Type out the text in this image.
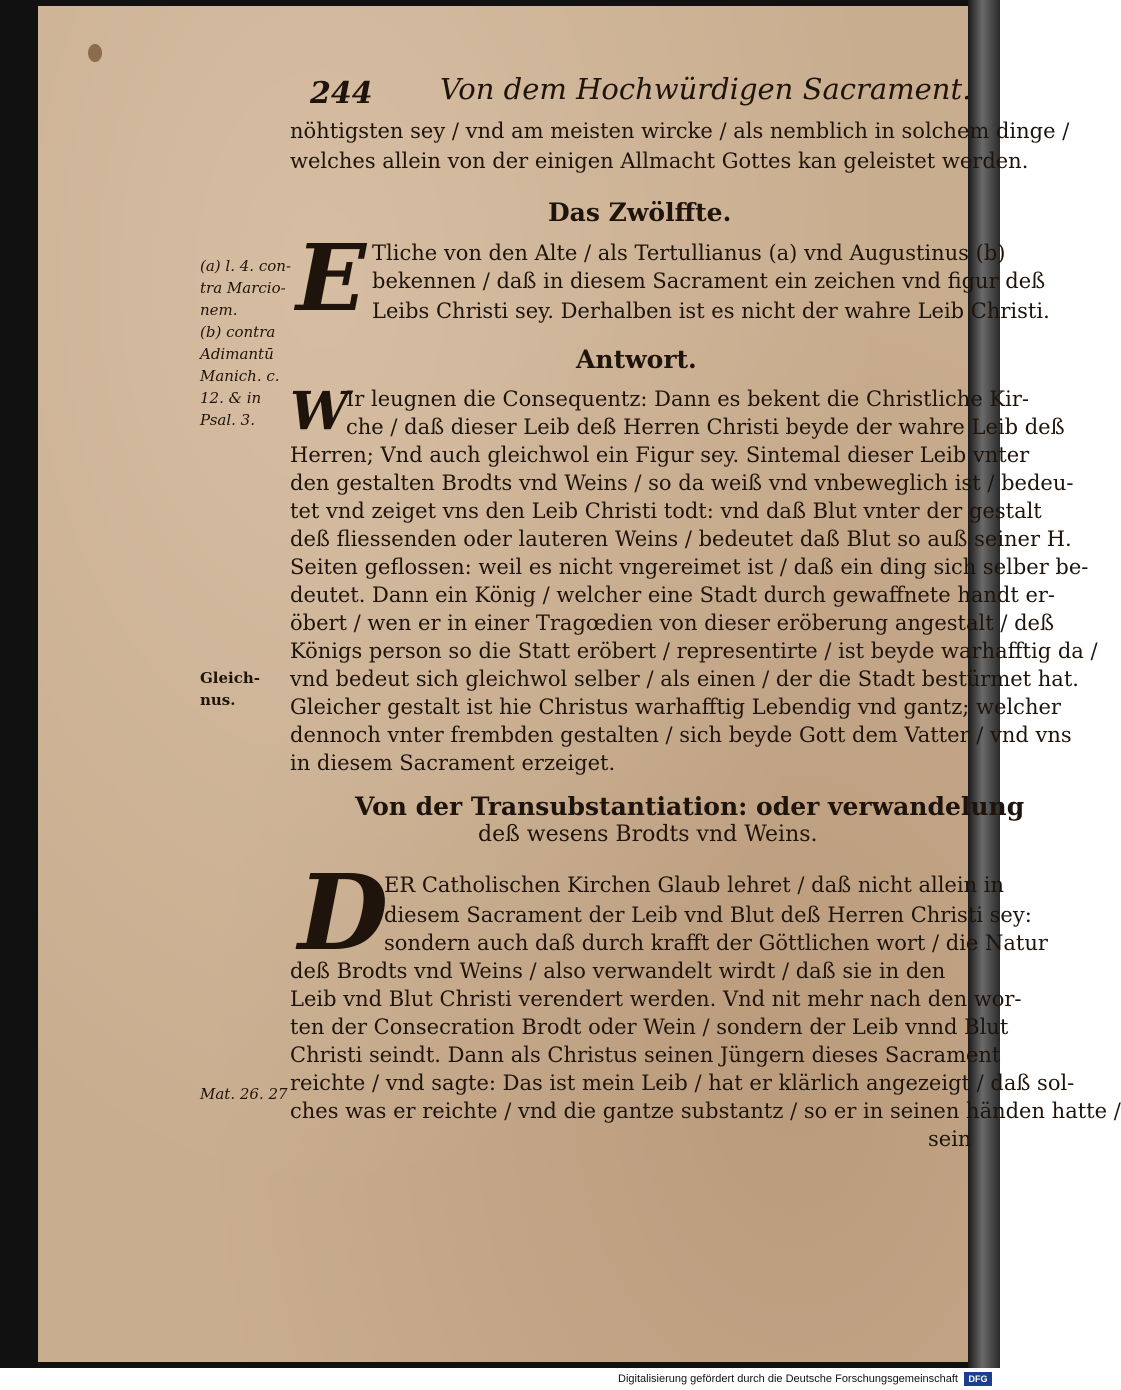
244 Von dem Hochwürdigen Sacrament.
nöhtigsten sey / vnd am meisten wircke / als nemblich in solchem dinge /
welches allein von der einigen Allmacht Gottes kan geleistet werden.
Das Zwölffte.
E Tliche von den Alte / als Tertullianus (a) vnd Augustinus (b)
bekennen / daß in diesem Sacrament ein zeichen vnd figur deß
Leibs Christi sey. Derhalben ist es nicht der wahre Leib Christi.
(a) l. 4. con-
tra Marcio-
nem.
(b) contra
Adimantū
Manich. c.
12. & in
Psal. 3.
Antwort.
W
Ir leugnen die Consequentz: Dann es bekent die Christliche Kir-
che / daß dieser Leib deß Herren Christi beyde der wahre Leib deß
Herren; Vnd auch gleichwol ein Figur sey. Sintemal dieser Leib vnter
den gestalten Brodts vnd Weins / so da weiß vnd vnbeweglich ist / bedeu-
tet vnd zeiget vns den Leib Christi todt: vnd daß Blut vnter der gestalt
deß fliessenden oder lauteren Weins / bedeutet daß Blut so auß seiner H.
Seiten geflossen: weil es nicht vngereimet ist / daß ein ding sich selber be-
deutet. Dann ein König / welcher eine Stadt durch gewaffnete handt er-
öbert / wen er in einer Tragœdien von dieser eröberung angestalt / deß
Königs person so die Statt eröbert / representirte / ist beyde warhafftig da /
vnd bedeut sich gleichwol selber / als einen / der die Stadt bestürmet hat.
Gleicher gestalt ist hie Christus warhafftig Lebendig vnd gantz; welcher
dennoch vnter frembden gestalten / sich beyde Gott dem Vatter / vnd vns
in diesem Sacrament erzeiget.
Gleich-
nus.
Von der Transubstantiation: oder verwandelung
deß wesens Brodts vnd Weins.
D
ER Catholischen Kirchen Glaub lehret / daß nicht allein in
diesem Sacrament der Leib vnd Blut deß Herren Christi sey:
sondern auch daß durch krafft der Göttlichen wort / die Natur
deß Brodts vnd Weins / also verwandelt wirdt / daß sie in den
Leib vnd Blut Christi verendert werden. Vnd nit mehr nach den wor-
ten der Consecration Brodt oder Wein / sondern der Leib vnnd Blut
Christi seindt. Dann als Christus seinen Jüngern dieses Sacrament
reichte / vnd sagte: Das ist mein Leib / hat er klärlich angezeigt / daß sol-
ches was er reichte / vnd die gantze substantz / so er in seinen händen hatte /
sein
Mat. 26. 27
Digitalisierung gefördert durch die Deutsche Forschungsgemeinschaft	DFG
